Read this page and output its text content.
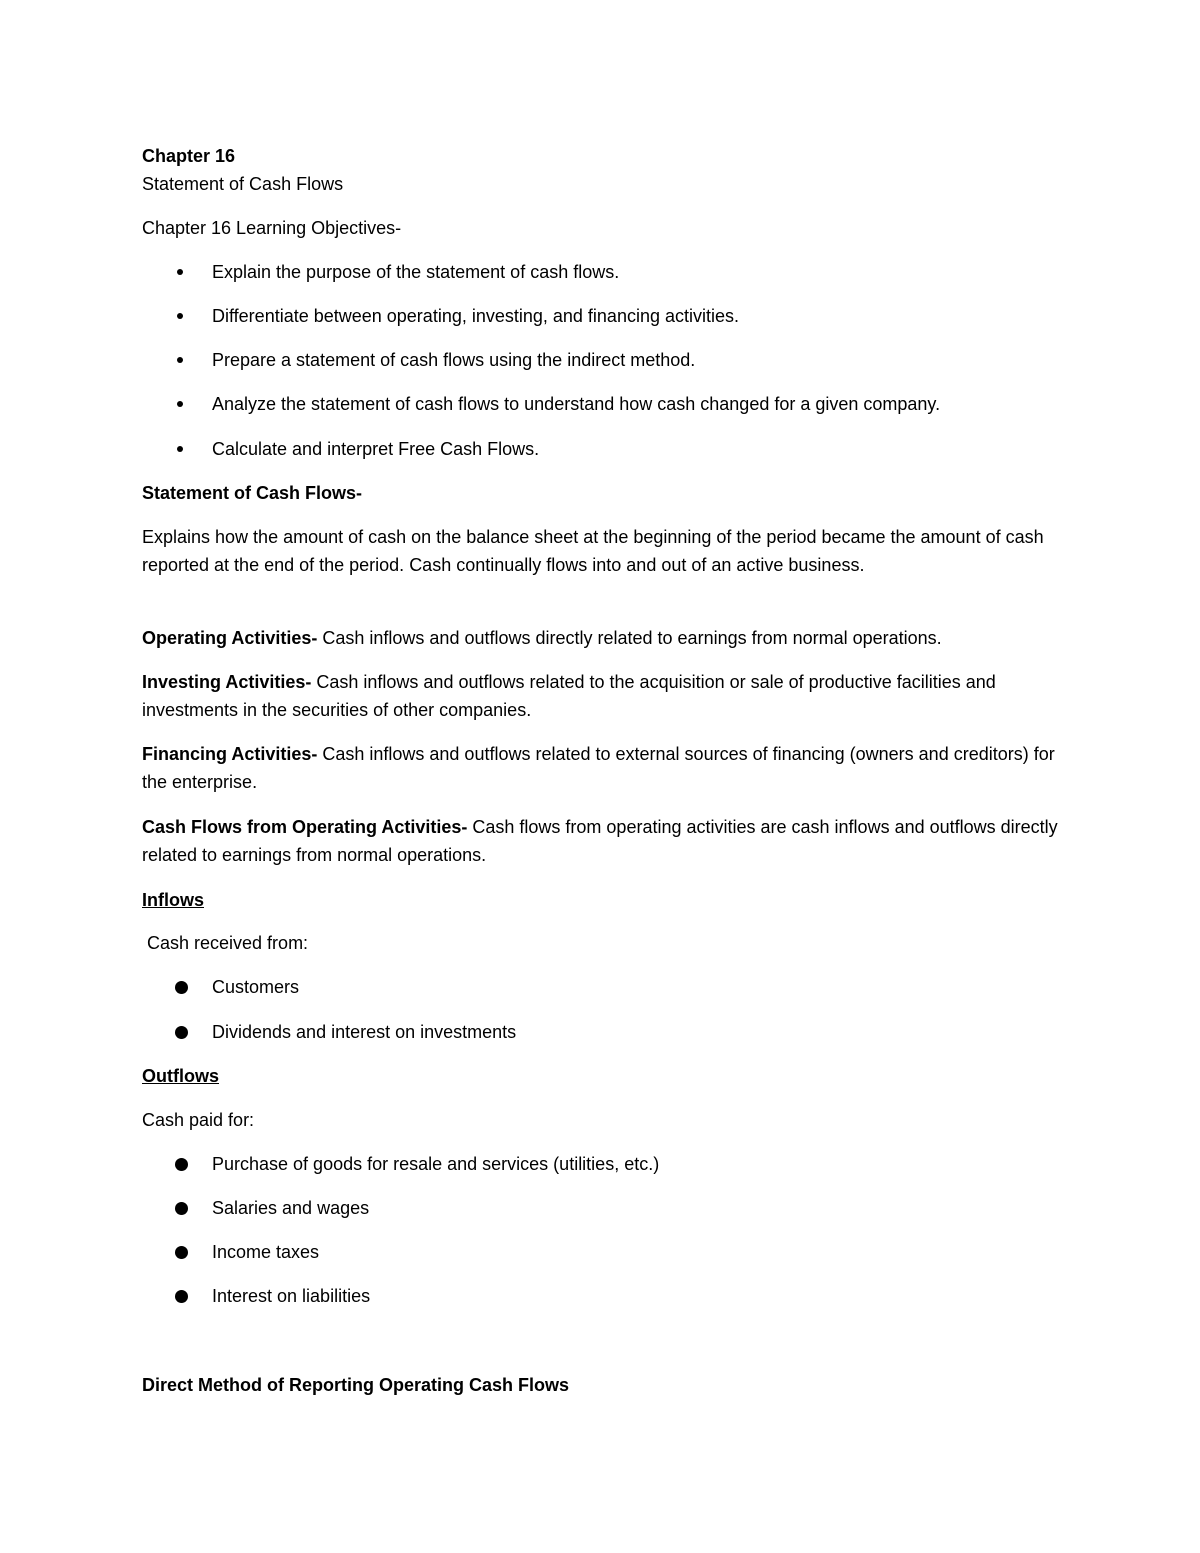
Chapter 16
Statement of Cash Flows
Chapter 16 Learning Objectives-
Explain the purpose of the statement of cash flows.
Differentiate between operating, investing, and financing activities.
Prepare a statement of cash flows using the indirect method.
Analyze the statement of cash flows to understand how cash changed for a given company.
Calculate and interpret Free Cash Flows.
Statement of Cash Flows-
Explains how the amount of cash on the balance sheet at the beginning of the period became the amount of cash reported at the end of the period. Cash continually flows into and out of an active business.
Operating Activities- Cash inflows and outflows directly related to earnings from normal operations.
Investing Activities- Cash inflows and outflows related to the acquisition or sale of productive facilities and investments in the securities of other companies.
Financing Activities- Cash inflows and outflows related to external sources of financing (owners and creditors) for the enterprise.
Cash Flows from Operating Activities- Cash flows from operating activities are cash inflows and outflows directly related to earnings from normal operations.
Inflows
Cash received from:
Customers
Dividends and interest on investments
Outflows
Cash paid for:
Purchase of goods for resale and services (utilities, etc.)
Salaries and wages
Income taxes
Interest on liabilities
Direct Method of Reporting Operating Cash Flows
